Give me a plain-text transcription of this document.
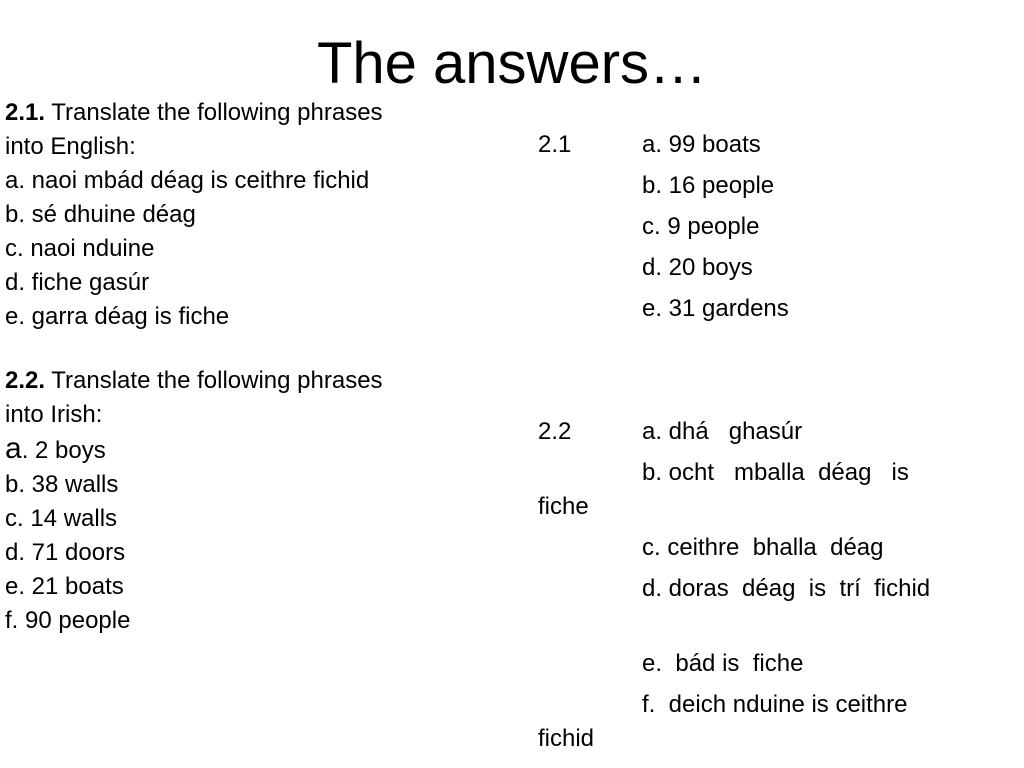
The answers…
2.1. Translate the following phrases
into English:
a. naoi mbád déag is ceithre fichid
b. sé dhuine déag
c. naoi nduine
d. fiche gasúr
e. garra déag is fiche
2.2. Translate the following phrases
into Irish:
a. 2 boys
b. 38 walls
c. 14 walls
d. 71 doors
e. 21 boats
f. 90 people
2.1	a. 99 boats
b. 16 people
c. 9 people
d. 20 boys
e. 31 gardens
2.2	a. dhá   ghasúr
b. ocht   mballa  déag   is
fiche
c. ceithre  bhalla  déag
d. doras  déag  is  trí  fichid
e.  bád is  fiche
f.  deich nduine is ceithre
fichid
